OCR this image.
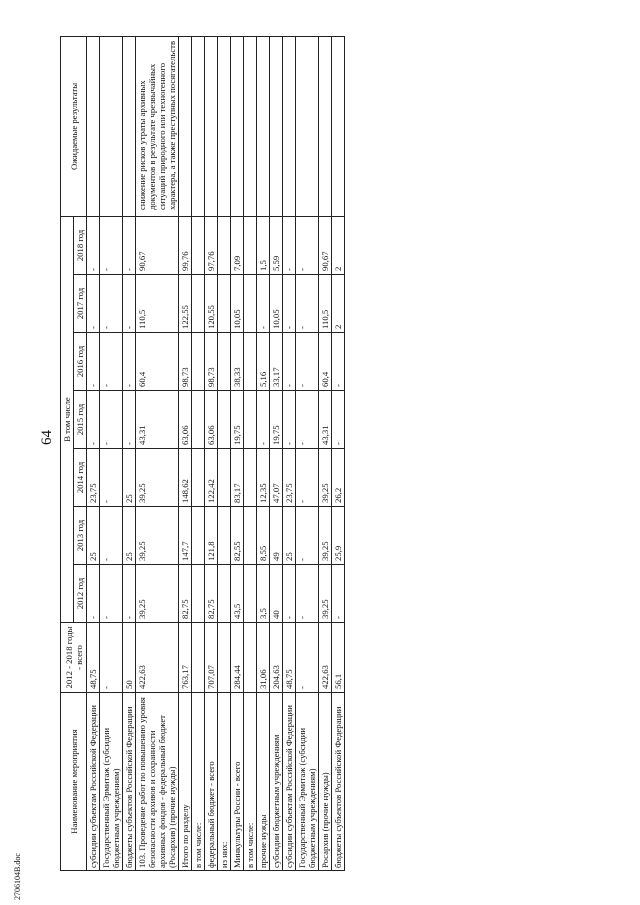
64
Наименование мероприятия	2012 - 2018 годы - всего	В том числе							Ожидаемые результаты
		2012 год	2013 год	2014 год	2015 год	2016 год	2017 год	2018 год	
субсидии субъектам Российской Федерации	48,75	-	25	23,75	-	-	-	-	
Государственный Эрмитаж (субсидии бюджетным учреждениям)	-	-	-	-	-	-	-	-	
бюджеты субъектов Российской Федерации	50	-	25	25	-	-	-	-	
103. Проведение работ по повышению уровня безопасности архивов и сохранности архивных фондов - федеральный бюджет (Росархив) (прочие нужды)	422,63	39,25	39,25	39,25	43,31	60,4	110,5	90,67	снижение рисков утраты архивных документов в результате чрезвычайных ситуаций природного или техногенного характера, а также преступных посягательств
Итого по разделу	763,17	82,75	147,7	148,62	63,06	98,73	122,55	99,76	
в том числе:									
федеральный бюджет - всего	707,07	82,75	121,8	122,42	63,06	98,73	120,55	97,76	
из них:									
Минкультуры России - всего	284,44	43,5	82,55	83,17	19,75	38,33	10,05	7,09	
в том числе:									
прочие нужды	31,06	3,5	8,55	12,35	-	5,16	-	1,5	
субсидии бюджетным учреждениям	204,63	40	49	47,07	19,75	33,17	10,05	5,59	
субсидии субъектам Российской Федерации	48,75	-	25	23,75	-	-	-	-	
Государственный Эрмитаж (субсидии бюджетным учреждениям)	-	-	-	-	-	-	-	-	
Росархив (прочие нужды)	422,63	39,25	39,25	39,25	43,31	60,4	110,5	90,67	
бюджеты субъектов Российской Федерации	56,1	-	25,9	26,2	-	-	2	2	
2706104B.doc
